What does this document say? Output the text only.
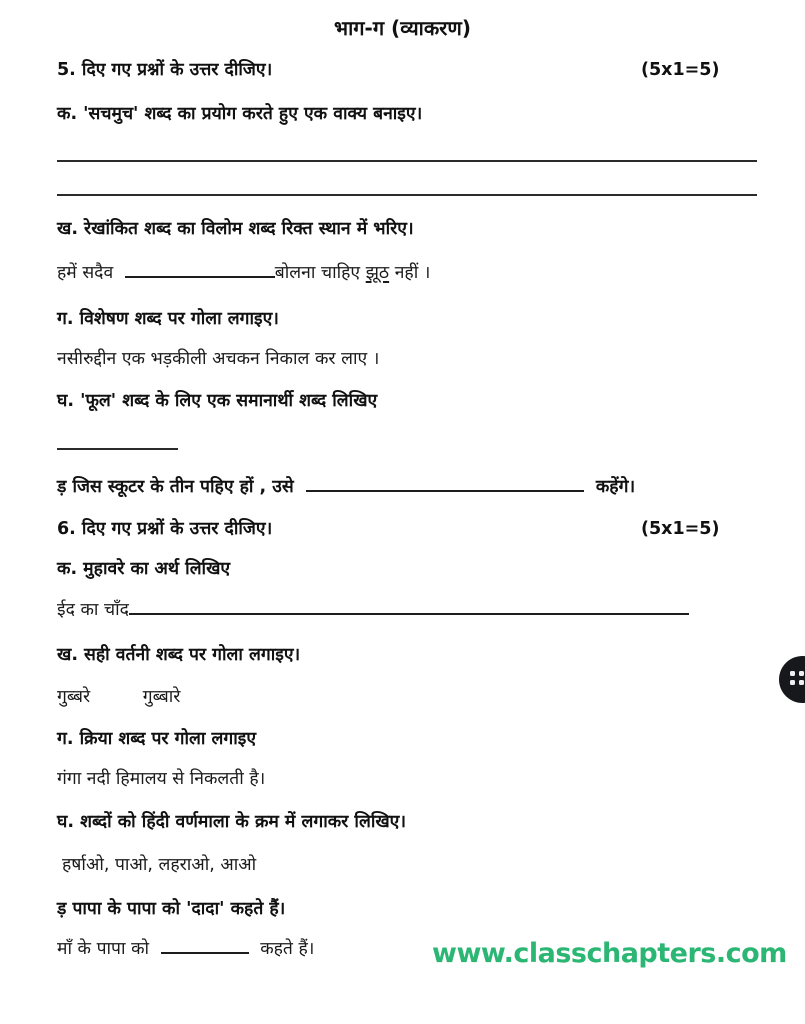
भाग-ग (व्याकरण)
5. दिए गए प्रश्नों के उत्तर दीजिए।	(5x1=5)
क. 'सचमुच' शब्द का प्रयोग करते हुए एक वाक्य बनाइए।
ख. रेखांकित शब्द का विलोम शब्द रिक्त स्थान में भरिए।
हमें सदैव	बोलना चाहिए झूठ नहीं ।
ग. विशेषण शब्द पर गोला लगाइए।
नसीरुद्दीन एक भड़कीली अचकन निकाल कर लाए ।
घ. 'फूल' शब्द के लिए एक समानार्थी शब्द लिखिए
ड़ जिस स्कूटर के तीन पहिए हों , उसे	कहेंगे।
6. दिए गए प्रश्नों के उत्तर दीजिए।	(5x1=5)
क. मुहावरे का अर्थ लिखिए
ईद का चाँद
ख. सही वर्तनी शब्द पर गोला लगाइए।
गुब्बरे	गुब्बारे
ग. क्रिया शब्द पर गोला लगाइए
गंगा नदी हिमालय से निकलती है।
घ. शब्दों को हिंदी वर्णमाला के क्रम में लगाकर लिखिए।
हर्षाओ, पाओ, लहराओ, आओ
ड़ पापा के पापा को 'दादा' कहते हैं।
माँ के पापा को	कहते हैं।	www.classchapters.com
